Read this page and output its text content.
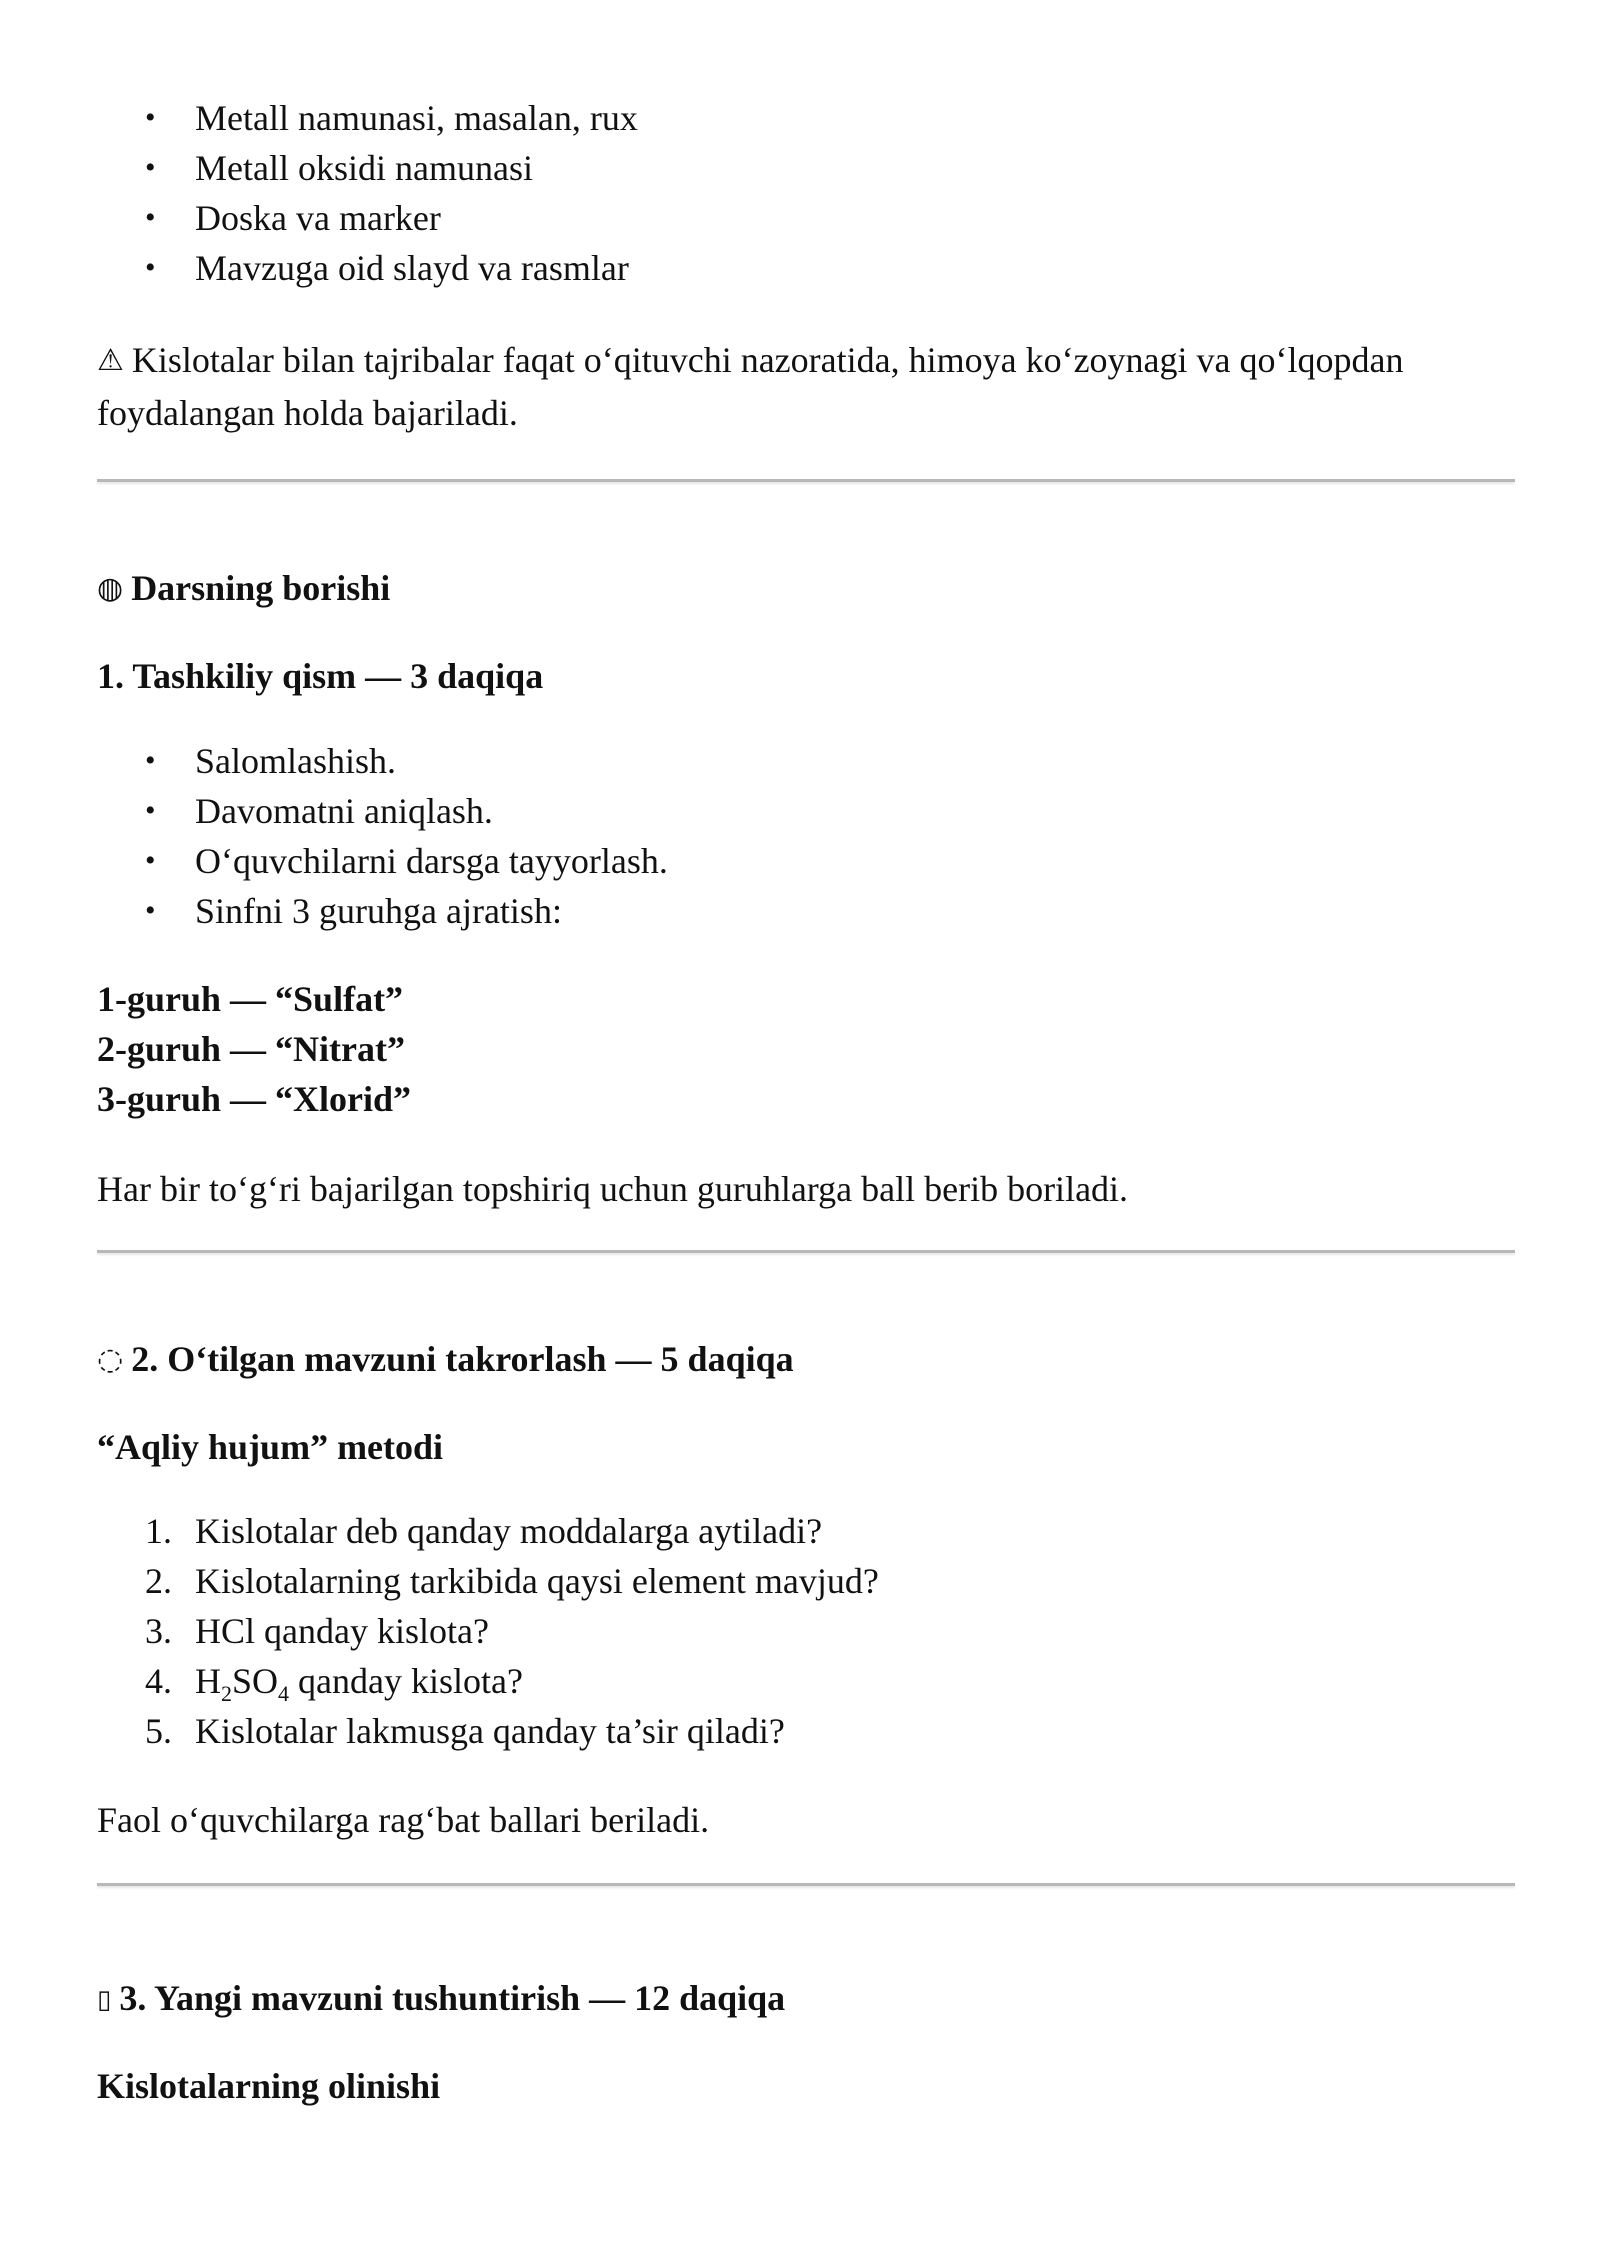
• Metall namunasi, masalan, rux
• Metall oksidi namunasi
• Doska va marker
• Mavzuga oid slayd va rasmlar
⚠ Kislotalar bilan tajribalar faqat o‘qituvchi nazoratida, himoya ko‘zoynagi va qo‘lqopdan
foydalangan holda bajariladi.
◍ Darsning borishi
1. Tashkiliy qism — 3 daqiqa
• Salomlashish.
• Davomatni aniqlash.
• O‘quvchilarni darsga tayyorlash.
• Sinfni 3 guruhga ajratish:
1-guruh — “Sulfat”
2-guruh — “Nitrat”
3-guruh — “Xlorid”
Har bir to‘g‘ri bajarilgan topshiriq uchun guruhlarga ball berib boriladi.
◌ 2. O‘tilgan mavzuni takrorlash — 5 daqiqa
“Aqliy hujum” metodi
1. Kislotalar deb qanday moddalarga aytiladi?
2. Kislotalarning tarkibida qaysi element mavjud?
3. HCl qanday kislota?
4. $H_2SO_4$ qanday kislota?
5. Kislotalar lakmusga qanday ta’sir qiladi?
Faol o‘quvchilarga rag‘bat ballari beriladi.
▯ 3. Yangi mavzuni tushuntirish — 12 daqiqa
Kislotalarning olinishi
